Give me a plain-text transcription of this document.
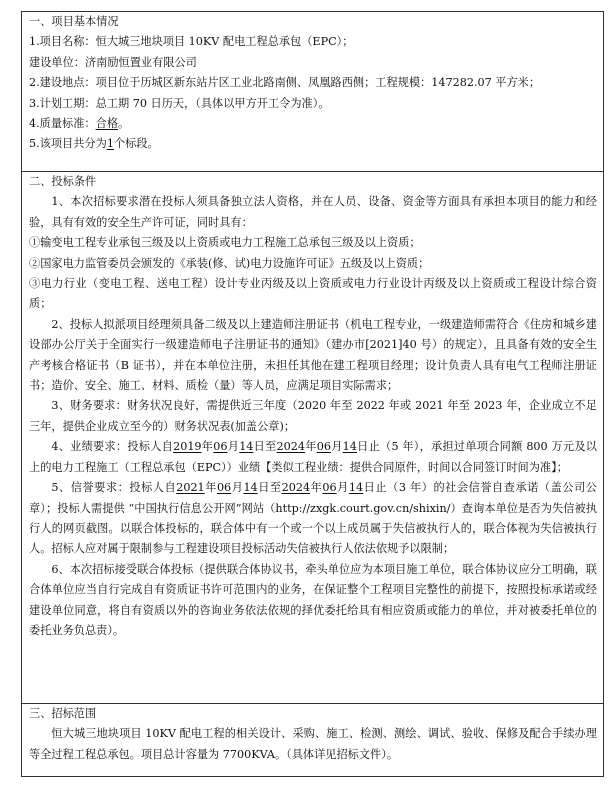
一、项目基本情况
1.项目名称：恒大城三地块项目 10KV 配电工程总承包（EPC）；
建设单位：济南励恒置业有限公司
2.建设地点：项目位于历城区新东站片区工业北路南侧、凤凰路西侧；工程规模：147282.07 平方米；
3.计划工期：总工期 70 日历天，（具体以甲方开工令为准）。
4.质量标准：合格。
5.该项目共分为1个标段。

二、投标条件
1、本次招标要求潜在投标人须具备独立法人资格，并在人员、设备、资金等方面具有承担本项目的能力和经验，具有有效的安全生产许可证，同时具有：
①输变电工程专业承包三级及以上资质或电力工程施工总承包三级及以上资质；
②国家电力监管委员会颁发的《承装(修、试)电力设施许可证》五级及以上资质；
③电力行业（变电工程、送电工程）设计专业丙级及以上资质或电力行业设计丙级及以上资质或工程设计综合资质；
2、投标人拟派项目经理须具备二级及以上建造师注册证书（机电工程专业，一级建造师需符合《住房和城乡建设部办公厅关于全面实行一级建造师电子注册证书的通知》（建办市[2021]40 号）的规定），且具备有效的安全生产考核合格证书（B 证书），并在本单位注册，未担任其他在建工程项目经理；设计负责人具有电气工程师注册证书；造价、安全、施工、材料、质检（量）等人员，应满足项目实际需求；
3、财务要求：财务状况良好，需提供近三年度（2020 年至 2022 年或 2021 年至 2023 年，企业成立不足三年，提供企业成立至今的）财务状况表(加盖公章)；
4、业绩要求：投标人自2019年06月14日至2024年06月14日止（5 年），承担过单项合同额 800 万元及以上的电力工程施工（工程总承包（EPC））业绩【类似工程业绩：提供合同原件，时间以合同签订时间为准】；
5、信誉要求：投标人自2021年06月14日至2024年06月14日止（3 年）的社会信誉自查承诺（盖公司公章）；投标人需提供 “中国执行信息公开网”网站（http://zxgk.court.gov.cn/shixin/）查询本单位是否为失信被执行人的网页截图。以联合体投标的，联合体中有一个或一个以上成员属于失信被执行人的，联合体视为失信被执行人。招标人应对属于限制参与工程建设项目投标活动失信被执行人依法依规予以限制；
6、本次招标接受联合体投标（提供联合体协议书，牵头单位应为本项目施工单位，联合体协议应分工明确，联合体单位应当自行完成自有资质证书许可范围内的业务，在保证整个工程项目完整性的前提下，按照投标承诺或经建设单位同意，将自有资质以外的咨询业务依法依规的择优委托给具有相应资质或能力的单位，并对被委托单位的委托业务负总责）。

三、招标范围
恒大城三地块项目 10KV 配电工程的相关设计、采购、施工、检测、测绘、调试、验收、保修及配合手续办理等全过程工程总承包。项目总计容量为 7700KVA。（具体详见招标文件）。
